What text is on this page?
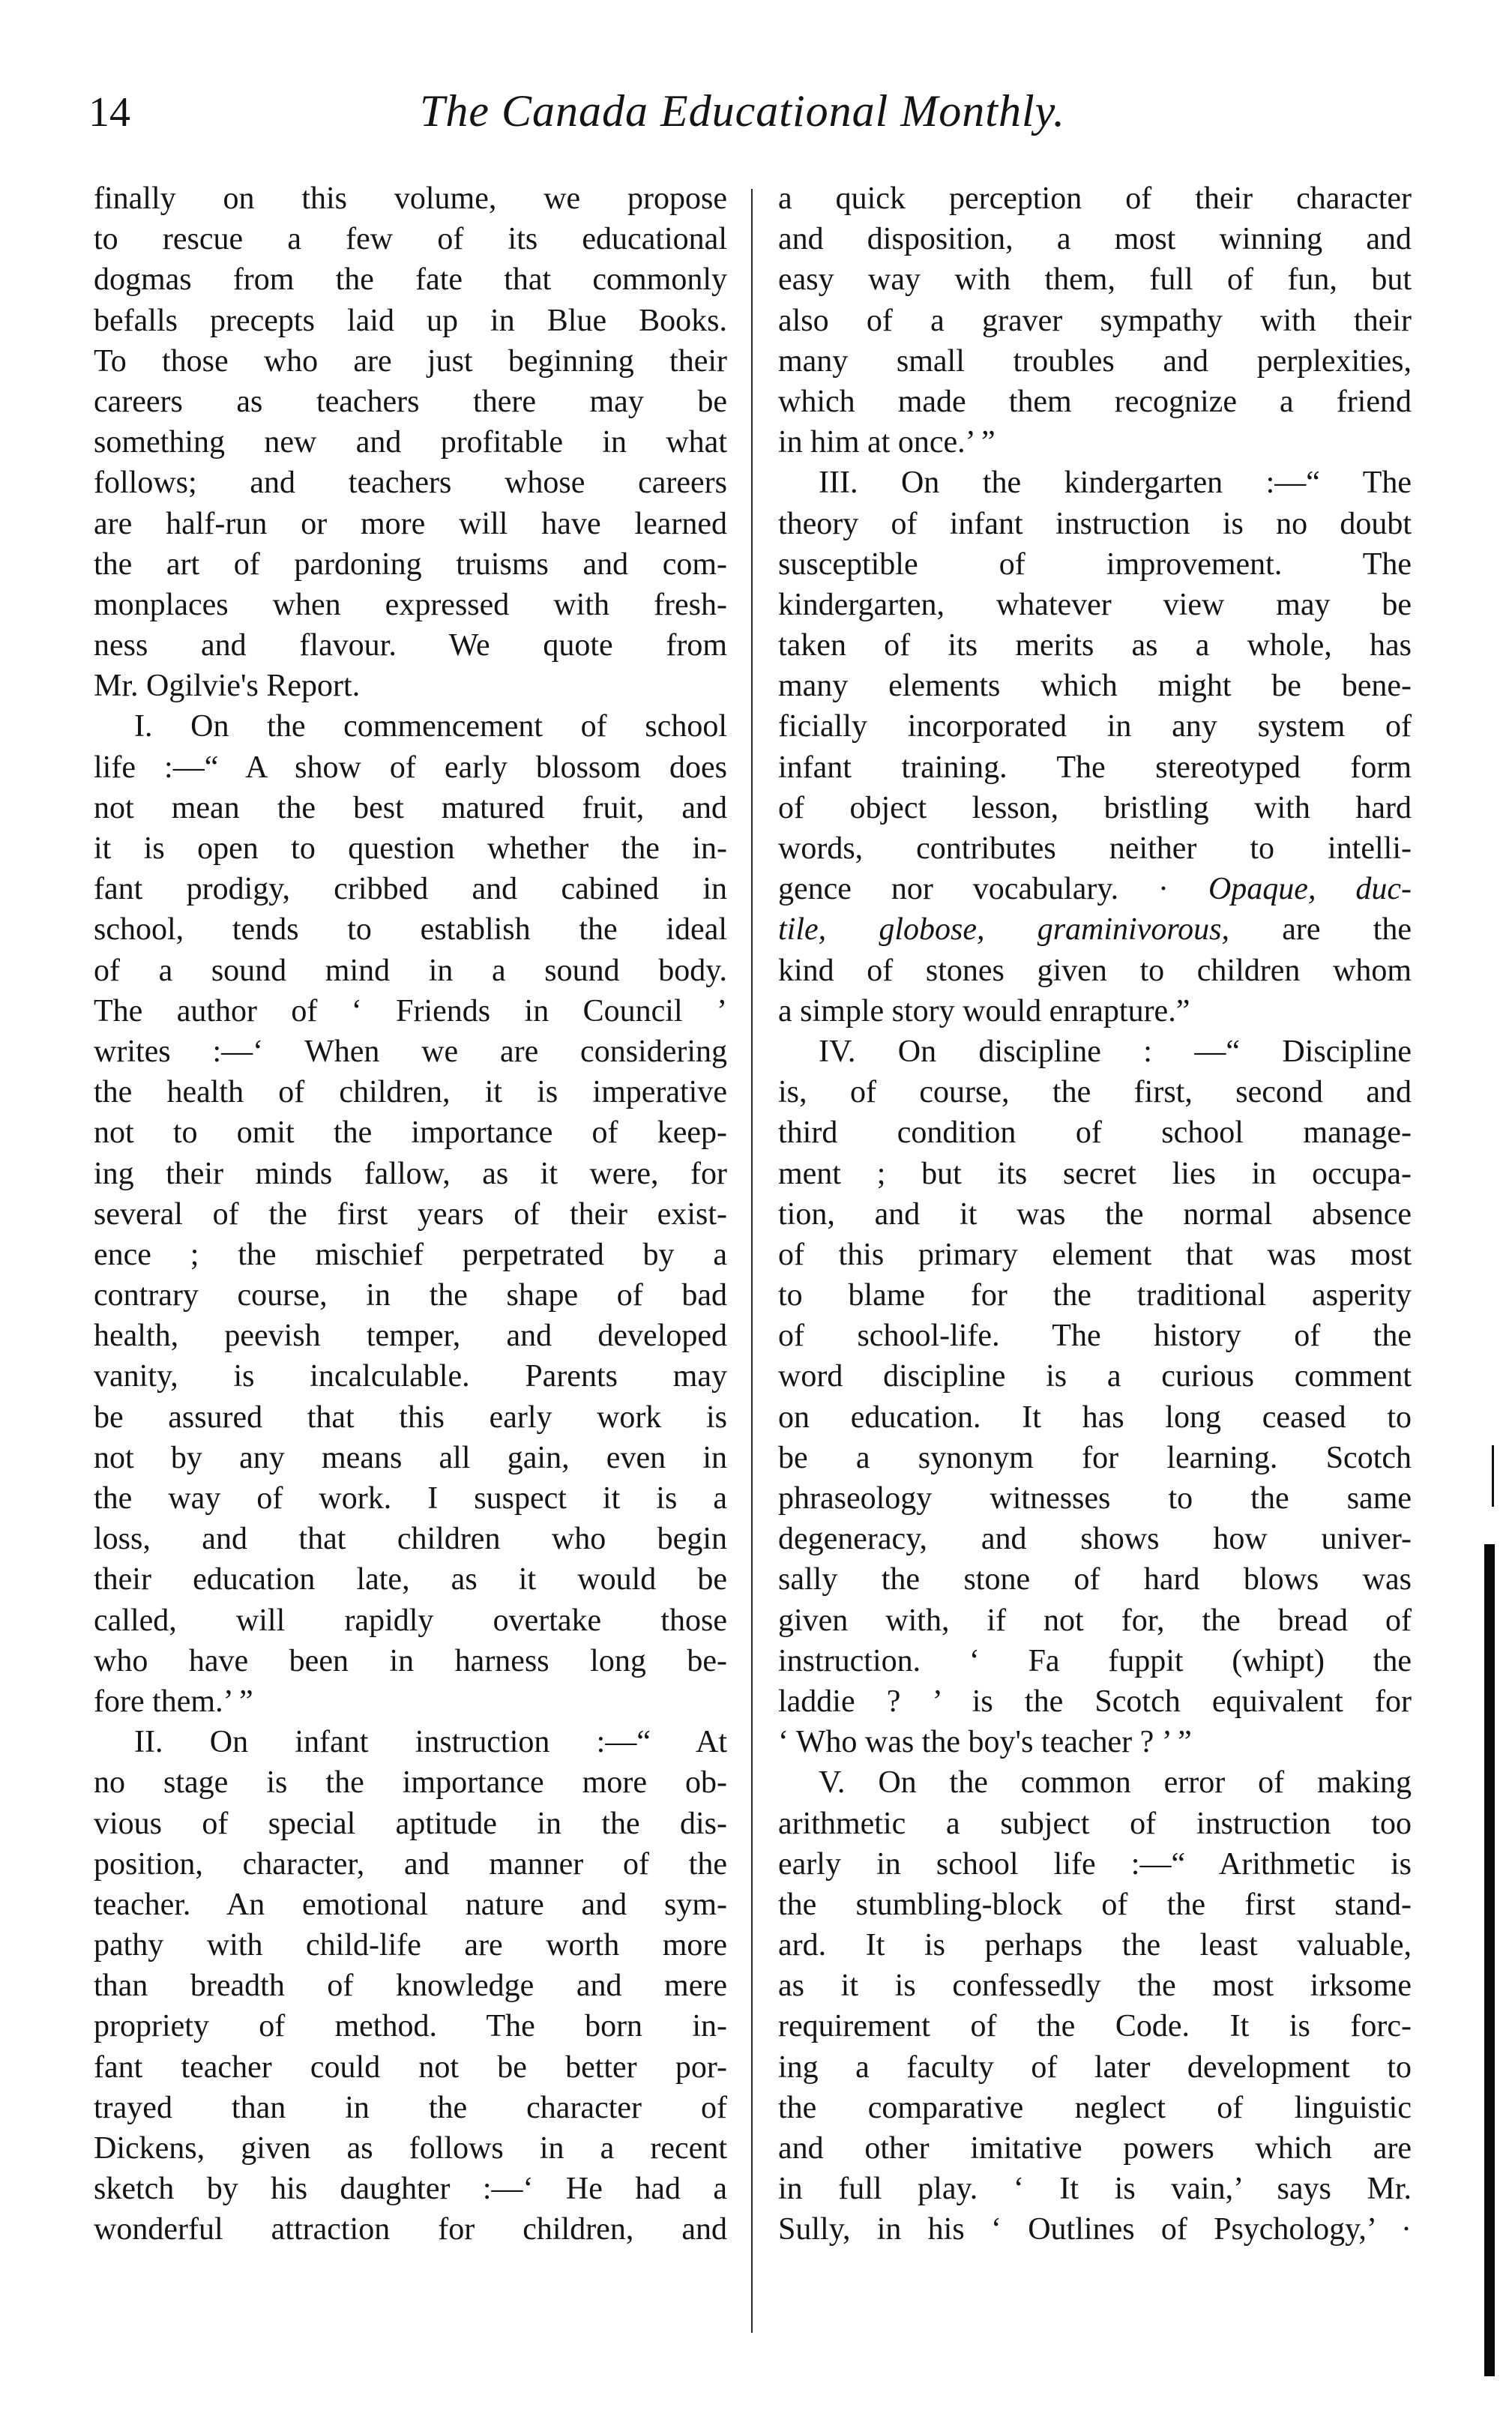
14	The Canada Educational Monthly.
finally on this volume, we propose
to rescue a few of its educational
dogmas from the fate that commonly
befalls precepts laid up in Blue Books.
To those who are just beginning their
careers as teachers there may be
something new and profitable in what
follows; and teachers whose careers
are half-run or more will have learned
the art of pardoning truisms and com-
monplaces when expressed with fresh-
ness and flavour. We quote from
Mr. Ogilvie's Report.
I. On the commencement of school
life :—“ A show of early blossom does
not mean the best matured fruit, and
it is open to question whether the in-
fant prodigy, cribbed and cabined in
school, tends to establish the ideal
of a sound mind in a sound body.
The author of ‘ Friends in Council ’
writes :—‘ When we are considering
the health of children, it is imperative
not to omit the importance of keep-
ing their minds fallow, as it were, for
several of the first years of their exist-
ence ; the mischief perpetrated by a
contrary course, in the shape of bad
health, peevish temper, and developed
vanity, is incalculable. Parents may
be assured that this early work is
not by any means all gain, even in
the way of work. I suspect it is a
loss, and that children who begin
their education late, as it would be
called, will rapidly overtake those
who have been in harness long be-
fore them.’ ”
II. On infant instruction :—“ At
no stage is the importance more ob-
vious of special aptitude in the dis-
position, character, and manner of the
teacher. An emotional nature and sym-
pathy with child-life are worth more
than breadth of knowledge and mere
propriety of method. The born in-
fant teacher could not be better por-
trayed than in the character of
Dickens, given as follows in a recent
sketch by his daughter :—‘ He had a
wonderful attraction for children, and
a quick perception of their character
and disposition, a most winning and
easy way with them, full of fun, but
also of a graver sympathy with their
many small troubles and perplexities,
which made them recognize a friend
in him at once.’ ”
III. On the kindergarten :—“ The
theory of infant instruction is no doubt
susceptible of improvement. The
kindergarten, whatever view may be
taken of its merits as a whole, has
many elements which might be bene-
ficially incorporated in any system of
infant training. The stereotyped form
of object lesson, bristling with hard
words, contributes neither to intelli-
gence nor vocabulary. · Opaque, duc-
tile, globose, graminivorous, are the
kind of stones given to children whom
a simple story would enrapture.”
IV. On discipline : —“ Discipline
is, of course, the first, second and
third condition of school manage-
ment ; but its secret lies in occupa-
tion, and it was the normal absence
of this primary element that was most
to blame for the traditional asperity
of school-life. The history of the
word discipline is a curious comment
on education. It has long ceased to
be a synonym for learning. Scotch
phraseology witnesses to the same
degeneracy, and shows how univer-
sally the stone of hard blows was
given with, if not for, the bread of
instruction. ‘ Fa fuppit (whipt) the
laddie ? ’ is the Scotch equivalent for
‘ Who was the boy's teacher ? ’ ”
V. On the common error of making
arithmetic a subject of instruction too
early in school life :—“ Arithmetic is
the stumbling-block of the first stand-
ard. It is perhaps the least valuable,
as it is confessedly the most irksome
requirement of the Code. It is forc-
ing a faculty of later development to
the comparative neglect of linguistic
and other imitative powers which are
in full play. ‘ It is vain,’ says Mr.
Sully, in his ‘ Outlines of Psychology,’ ·
